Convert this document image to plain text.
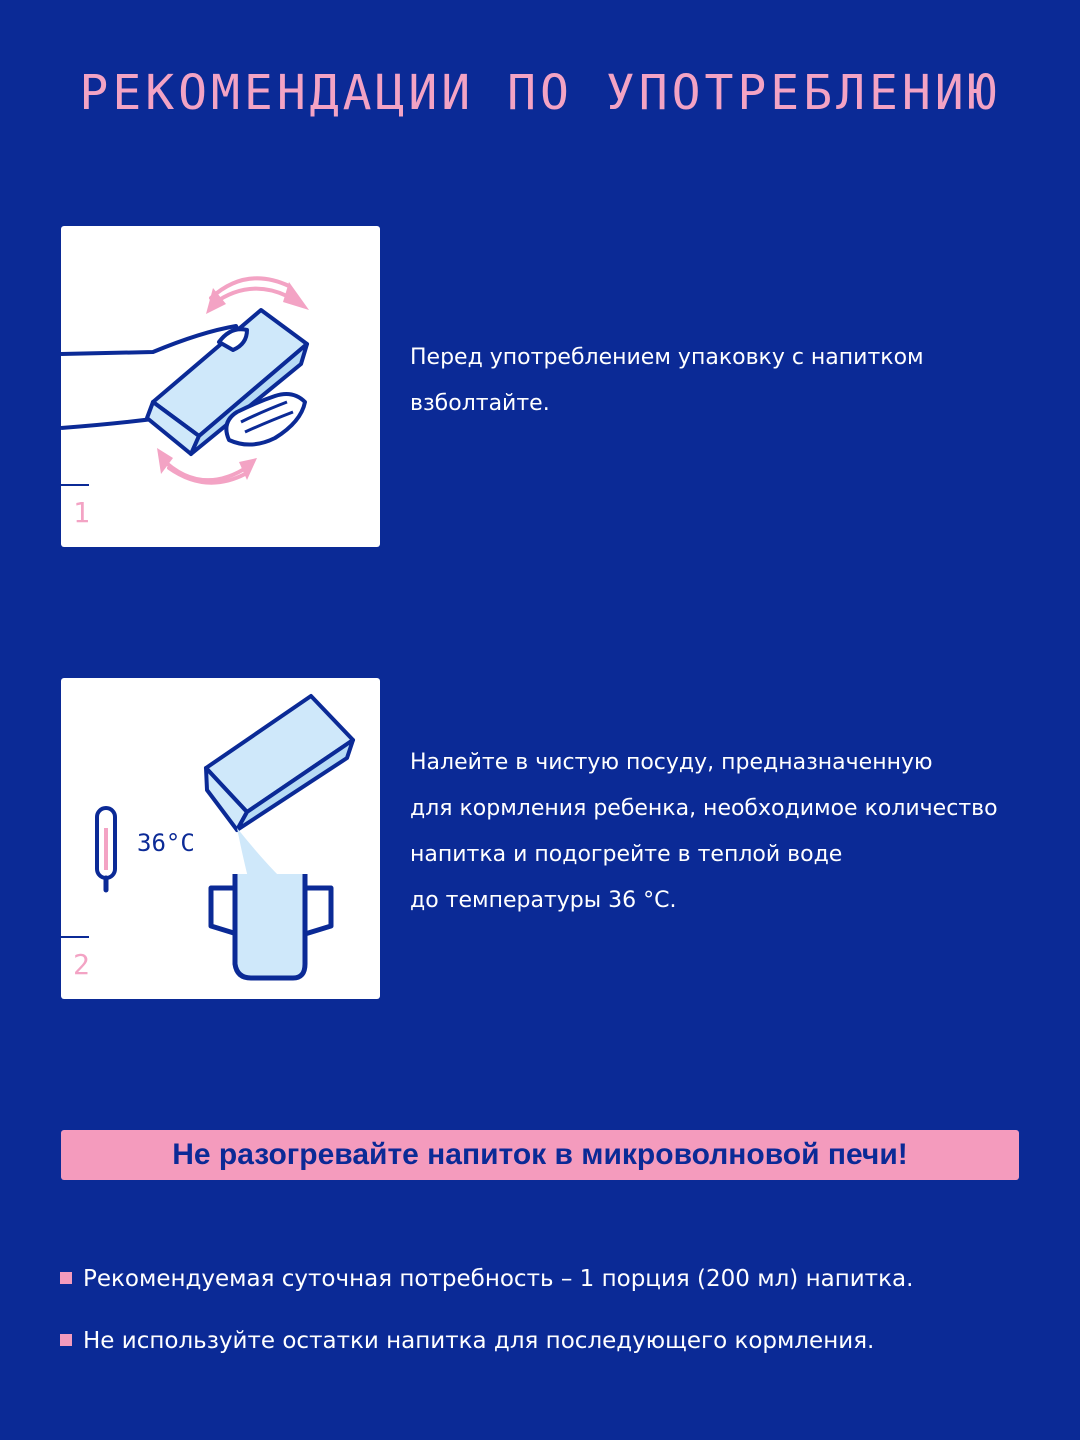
РЕКОМЕНДАЦИИ ПО УПОТРЕБЛЕНИЮ
1
Перед употреблением упаковку с напитком
взболтайте.
36°C
2
Налейте в чистую посуду, предназначенную
для кормления ребенка, необходимое количество
напитка и подогрейте в теплой воде
до температуры 36 °C.
Не разогревайте напиток в микроволновой печи!
Рекомендуемая суточная потребность – 1 порция (200 мл) напитка.
Не используйте остатки напитка для последующего кормления.
